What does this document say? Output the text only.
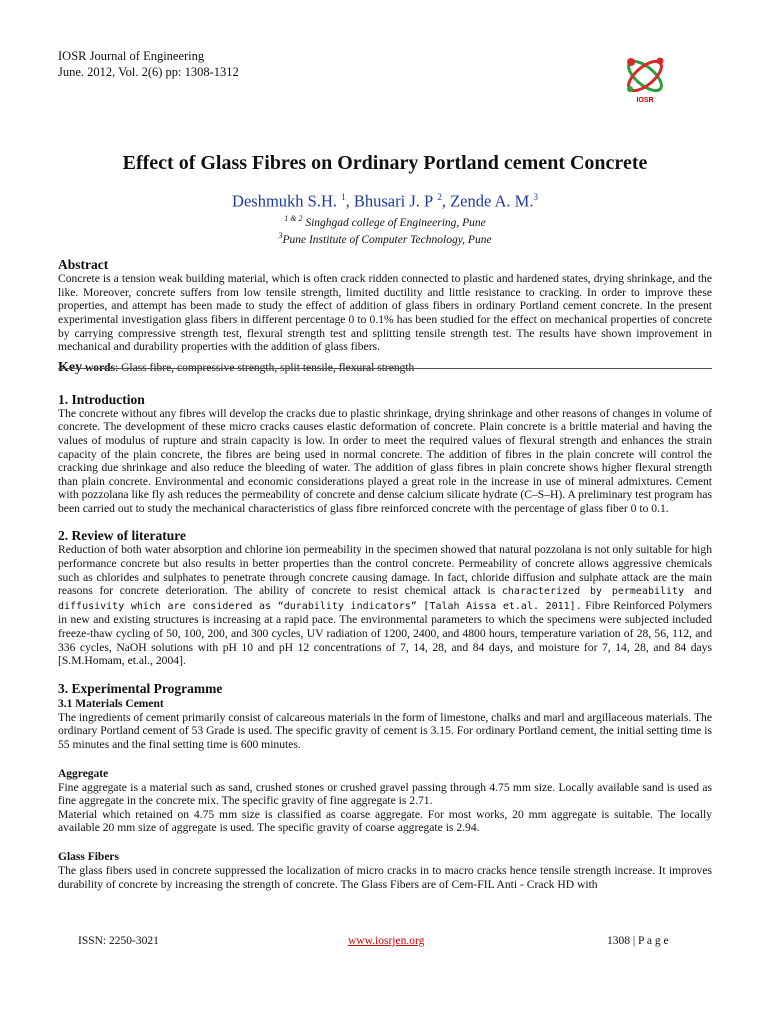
IOSR
IOSR Journal of Engineering
June. 2012, Vol. 2(6) pp: 1308-1312
Effect of Glass Fibres on Ordinary Portland cement Concrete
Deshmukh S.H. $^1$, Bhusari J. P $^2$, Zende A. M.$^3$
$^{1 \& 2}$ Singhgad college of Engineering, Pune
$^3$Pune Institute of Computer Technology, Pune
Abstract

Concrete is a tension weak building material, which is often crack ridden connected to plastic and hardened states, drying shrinkage, and the like. Moreover, concrete suffers from low tensile strength, limited ductility and little resistance to cracking. In order to improve these properties, and attempt has been made to study the effect of addition of glass fibers in ordinary Portland cement concrete. In the present experimental investigation glass fibers in different percentage 0 to 0.1% has been studied for the effect on mechanical properties of concrete by carrying compressive strength test, flexural strength test and splitting tensile strength test. The results have shown improvement in mechanical and durability properties with the addition of glass fibers.

Key words: Glass fibre, compressive strength, split tensile, flexural strength
1. Introduction

The concrete without any fibres will develop the cracks due to plastic shrinkage, drying shrinkage and other reasons of changes in volume of concrete. The development of these micro cracks causes elastic deformation of concrete. Plain concrete is a brittle material and having the values of modulus of rupture and strain capacity is low. In order to meet the required values of flexural strength and enhances the strain capacity of the plain concrete, the fibres are being used in normal concrete. The addition of fibres in the plain concrete will control the cracking due shrinkage and also reduce the bleeding of water. The addition of glass fibres in plain concrete shows higher flexural strength than plain concrete. Environmental and economic considerations played a great role in the increase in use of mineral admixtures. Cement with pozzolana like fly ash reduces the permeability of concrete and dense calcium silicate hydrate (C–S–H). A preliminary test program has been carried out to study the mechanical characteristics of glass fibre reinforced concrete with the percentage of glass fiber 0 to 0.1.

2. Review of literature

Reduction of both water absorption and chlorine ion permeability in the specimen showed that natural pozzolana is not only suitable for high performance concrete but also results in better properties than the control concrete. Permeability of concrete allows aggressive chemicals such as chlorides and sulphates to penetrate through concrete causing damage. In fact, chloride diffusion and sulphate attack are the main reasons for concrete deterioration. The ability of concrete to resist chemical attack is characterized by permeability and diffusivity which are considered as “durability indicators” [Talah Aissa et.al. 2011]. Fibre Reinforced Polymers in new and existing structures is increasing at a rapid pace. The environmental parameters to which the specimens were subjected included freeze-thaw cycling of 50, 100, 200, and 300 cycles, UV radiation of 1200, 2400, and 4800 hours, temperature variation of 28, 56, 112, and 336 cycles, NaOH solutions with pH 10 and pH 12 concentrations of 7, 14, 28, and 84 days, and moisture for 7, 14, 28, and 84 days [S.M.Homam, et.al., 2004].

3. Experimental Programme
3.1 Materials Cement

The ingredients of cement primarily consist of calcareous materials in the form of limestone, chalks and marl and argillaceous materials. The ordinary Portland cement of 53 Grade is used. The specific gravity of cement is 3.15. For ordinary Portland cement, the initial setting time is 55 minutes and the final setting time is 600 minutes.

Aggregate

Fine aggregate is a material such as sand, crushed stones or crushed gravel passing through 4.75 mm size. Locally available sand is used as fine aggregate in the concrete mix. The specific gravity of fine aggregate is 2.71.

Material which retained on 4.75 mm size is classified as coarse aggregate. For most works, 20 mm aggregate is suitable. The locally available 20 mm size of aggregate is used. The specific gravity of coarse aggregate is 2.94.

Glass Fibers

The glass fibers used in concrete suppressed the localization of micro cracks in to macro cracks hence tensile strength increase. It improves durability of concrete by increasing the strength of concrete. The Glass Fibers are of Cem-FIL Anti - Crack HD with

ISSN: 2250-3021	www.iosrjen.org	1308 | P a g e
